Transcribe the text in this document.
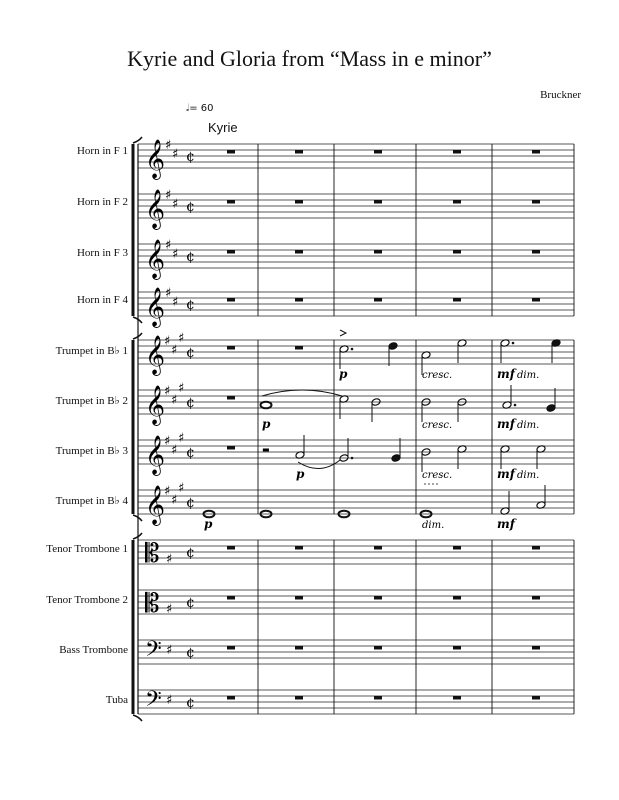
Kyrie and Gloria from “Mass in e minor”
Bruckner
𝅗𝅥= 60
Kyrie
Horn in F 1
Horn in F 2
Horn in F 3
Horn in F 4
Trumpet in B♭ 1
Trumpet in B♭ 2
Trumpet in B♭ 3
Trumpet in B♭ 4
Tenor Trombone 1
Tenor Trombone 2
Bass Trombone
Tuba
𝄞 ♯
♯ ¢
𝄞 ♯
♯ ¢
𝄞 ♯
♯ ¢
𝄞 ♯
♯ ¢
𝄞
♯
♯
♯
¢
𝄞
♯
♯
♯
¢
𝄞
♯
♯
♯
¢
𝄞
♯
♯
♯
¢
𝄡 ♯ ¢
𝄡 ♯ ¢
𝄢 ♯ ¢
𝄢 ♯ ¢
▬
p	cresc.	mf dim.
p	cresc.	mf dim.
p	cresc.	mf dim.
p	dim.	mf
